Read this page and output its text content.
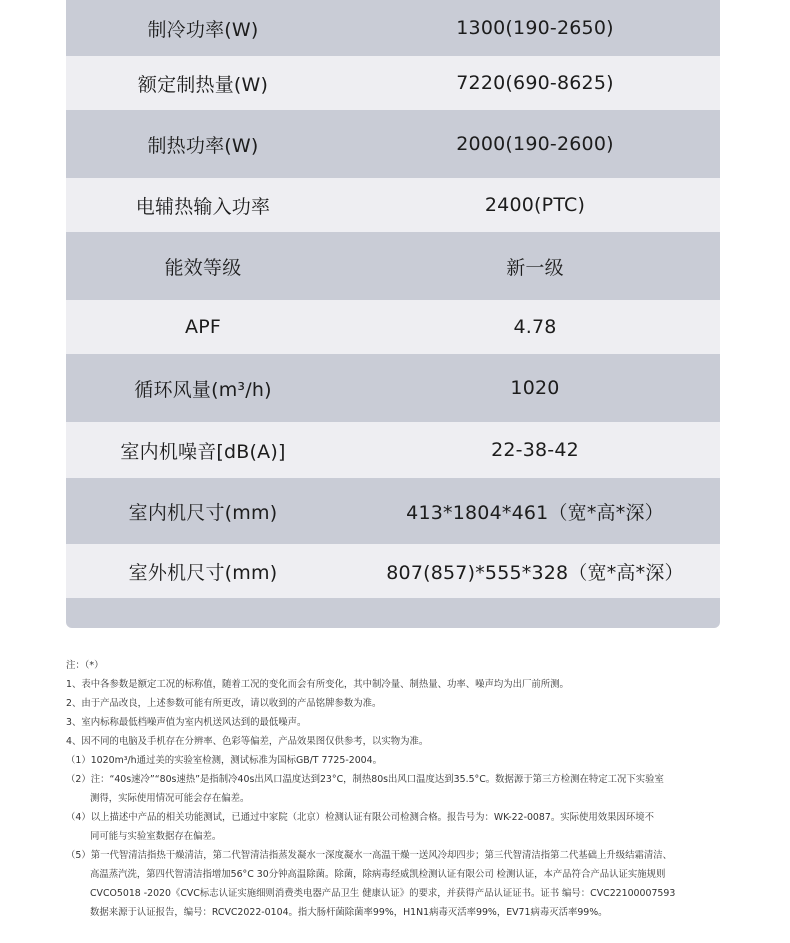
制冷功率(W)	1300(190-2650)
额定制热量(W)	7220(690-8625)
制热功率(W)	2000(190-2600)
电辅热输入功率	2400(PTC)
能效等级	新一级
APF	4.78
循环风量(m³/h)	1020
室内机噪音[dB(A)]	22-38-42
室内机尺寸(mm)	413*1804*461（宽*高*深）
室外机尺寸(mm)	807(857)*555*328（宽*高*深）
注：（*）
1、表中各参数是额定工况的标称值，随着工况的变化而会有所变化，其中制冷量、制热量、功率、噪声均为出厂前所测。
2、由于产品改良，上述参数可能有所更改，请以收到的产品铭牌参数为准。
3、室内标称最低档噪声值为室内机送风达到的最低噪声。
4、因不同的电脑及手机存在分辨率、色彩等偏差，产品效果图仅供参考，以实物为准。
（1）1020m³/h通过美的实验室检测，测试标准为国标GB/T 7725-2004。
（2）注：“40s速冷”“80s速热”是指制冷40s出风口温度达到23°C，制热80s出风口温度达到35.5°C。数据源于第三方检测在特定工况下实验室
测得，实际使用情况可能会存在偏差。
（4）以上描述中产品的相关功能测试，已通过中家院（北京）检测认证有限公司检测合格。报告号为：WK-22-0087。实际使用效果因环境不
同可能与实验室数据存在偏差。
（5）第一代智清洁指热干燥清洁，第二代智清洁指蒸发凝水一深度凝水一高温干燥一送风冷却四步；第三代智清洁指第二代基础上升级结霜清洁、
高温蒸汽洗，第四代智清洁指增加56°C 30分钟高温除菌。除菌，除病毒经威凯检测认证有限公司 检测认证，本产品符合产品认证实施规则
CVCO5018 -2020《CVC标志认证实施细则消费类电器产品卫生 健康认证》的要求，并获得产品认证证书。证书 编号：CVC22100007593
数据来源于认证报告，编号：RCVC2022-0104。指大肠杆菌除菌率99%，H1N1病毒灭活率99%，EV71病毒灭活率99%。
